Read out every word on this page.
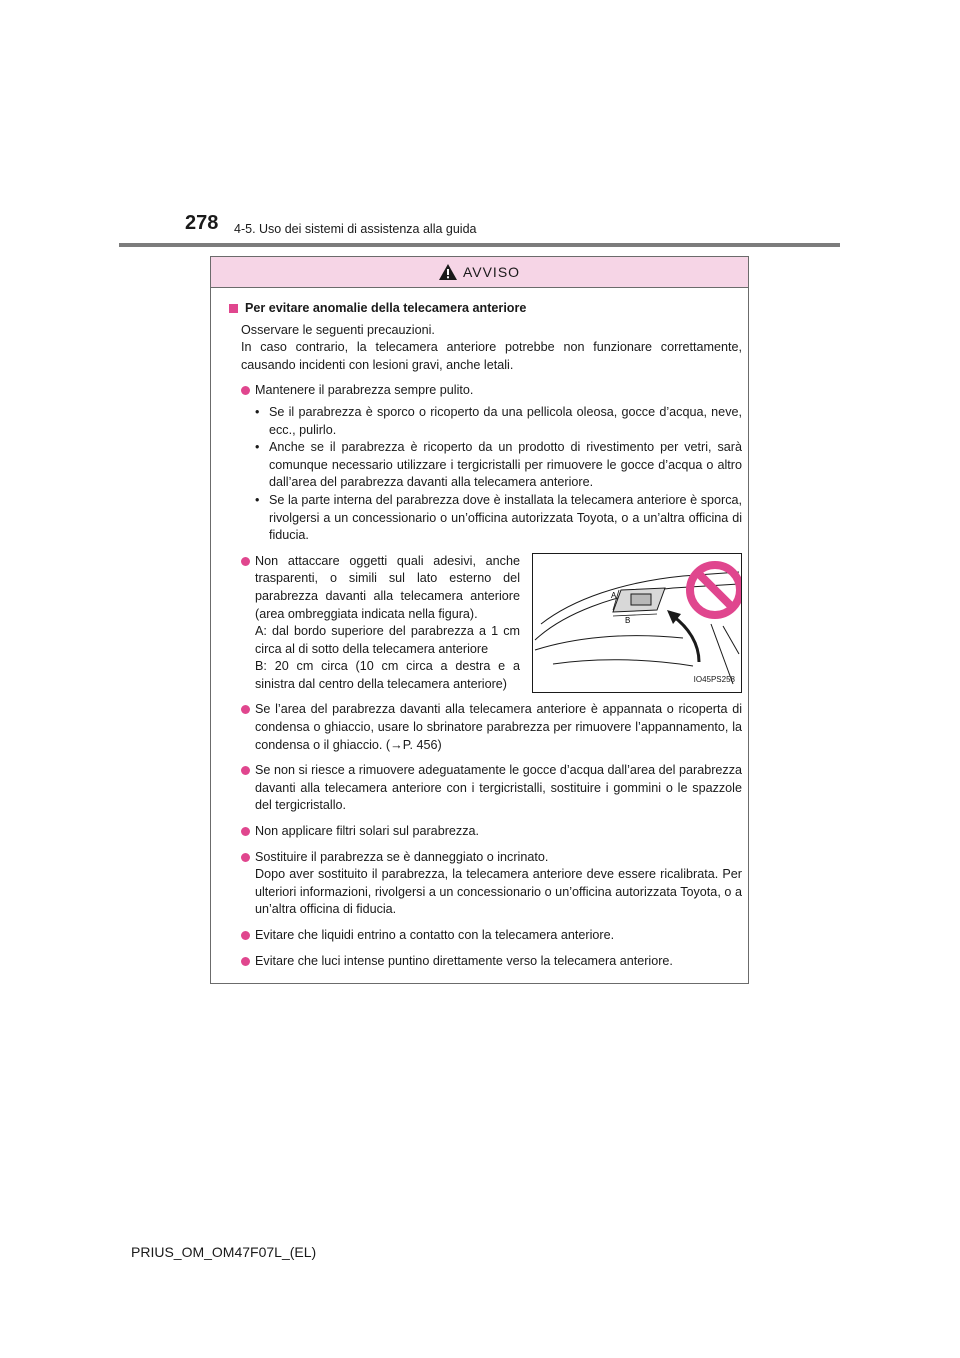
278 4-5. Uso dei sistemi di assistenza alla guida
AVVISO
Per evitare anomalie della telecamera anteriore
Osservare le seguenti precauzioni.
In caso contrario, la telecamera anteriore potrebbe non funzionare correttamente, causando incidenti con lesioni gravi, anche letali.
Mantenere il parabrezza sempre pulito.
• Se il parabrezza è sporco o ricoperto da una pellicola oleosa, gocce d’acqua, neve, ecc., pulirlo.
• Anche se il parabrezza è ricoperto da un prodotto di rivestimento per vetri, sarà comunque necessario utilizzare i tergicristalli per rimuovere le gocce d’acqua o altro dall’area del parabrezza davanti alla telecamera anteriore.
• Se la parte interna del parabrezza dove è installata la telecamera anteriore è sporca, rivolgersi a un concessionario o un’officina autorizzata Toyota, o a un’altra officina di fiducia.

Non attaccare oggetti quali adesivi, anche trasparenti, o simili sul lato esterno del parabrezza davanti alla telecamera anteriore (area ombreggiata indicata nella figura).

A: dal bordo superiore del parabrezza a 1 cm circa al di sotto della telecamera anteriore

B: 20 cm circa (10 cm circa a destra e a sinistra dal centro della telecamera anteriore)

A
B
IO45PS258
Se l’area del parabrezza davanti alla telecamera anteriore è appannata o ricoperta di condensa o ghiaccio, usare lo sbrinatore parabrezza per rimuovere l’appannamento, la condensa o il ghiaccio. (→P. 456)
Se non si riesce a rimuovere adeguatamente le gocce d’acqua dall’area del parabrezza davanti alla telecamera anteriore con i tergicristalli, sostituire i gommini o le spazzole del tergicristallo.
Non applicare filtri solari sul parabrezza.
Sostituire il parabrezza se è danneggiato o incrinato.
Dopo aver sostituito il parabrezza, la telecamera anteriore deve essere ricalibrata. Per ulteriori informazioni, rivolgersi a un concessionario o un’officina autorizzata Toyota, o a un’altra officina di fiducia.
Evitare che liquidi entrino a contatto con la telecamera anteriore.
Evitare che luci intense puntino direttamente verso la telecamera anteriore.
PRIUS_OM_OM47F07L_(EL)
